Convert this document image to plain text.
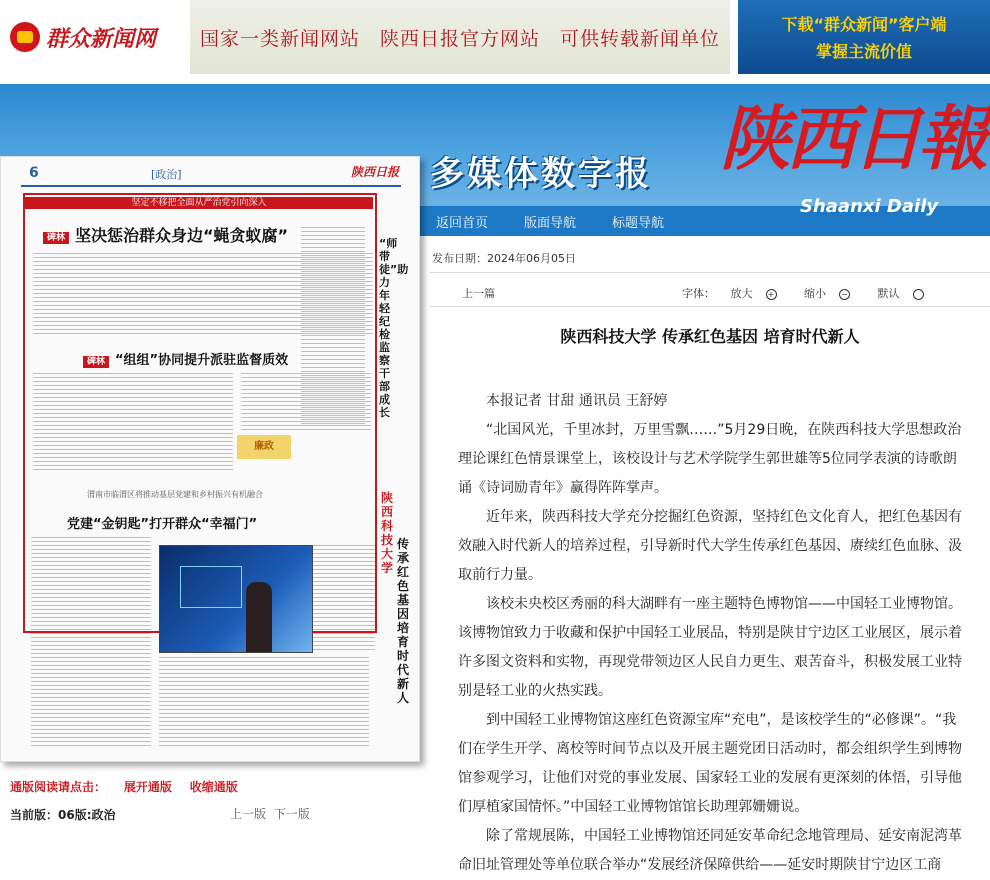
群众新闻网 国家一类新闻网站 陕西日报官方网站 可供转载新闻单位
下载“群众新闻”客户端
掌握主流价值
多媒体数字报 陕西日報
Shaanxi Daily
返回首页	版面导航	标题导航
6	[政治]	陕西日报
坚定不移把全面从严治党引向深入
碑林 坚决惩治群众身边“蝇贪蚁腐”
碑林 “组组”协同提升派驻监督质效
廉政
“师带徒”助力年轻纪检监察干部成长
渭南市临渭区将推动基层党建和乡村振兴有机融合
党建“金钥匙”打开群众“幸福门”
陕西科技大学
传承红色基因 培育时代新人
通版阅读请点击： 展开通版 收缩通版
当前版：06版:政治	上一版 下一版
发布日期：2024年06月05日
上一篇	字体： 放大 +	缩小 −	默认
陕西科技大学 传承红色基因 培育时代新人

本报记者 甘甜 通讯员 王舒婷

“北国风光，千里冰封，万里雪飘……”5月29日晚，在陕西科技大学思想政治理论课红色情景课堂上，该校设计与艺术学院学生郭世雄等5位同学表演的诗歌朗诵《诗词励青年》赢得阵阵掌声。

近年来，陕西科技大学充分挖掘红色资源，坚持红色文化育人，把红色基因有效融入时代新人的培养过程，引导新时代大学生传承红色基因、赓续红色血脉、汲取前行力量。

该校未央校区秀丽的科大湖畔有一座主题特色博物馆——中国轻工业博物馆。该博物馆致力于收藏和保护中国轻工业展品，特别是陕甘宁边区工业展区，展示着许多图文资料和实物，再现党带领边区人民自力更生、艰苦奋斗，积极发展工业特别是轻工业的火热实践。

到中国轻工业博物馆这座红色资源宝库“充电”，是该校学生的“必修课”。“我们在学生开学、离校等时间节点以及开展主题党团日活动时，都会组织学生到博物馆参观学习，让他们对党的事业发展、国家轻工业的发展有更深刻的体悟，引导他们厚植家国情怀。”中国轻工业博物馆馆长助理郭姗姗说。

除了常规展陈，中国轻工业博物馆还同延安革命纪念地管理局、延安南泥湾革命旧址管理处等单位联合举办“发展经济保障供给——延安时期陕甘宁边区工商
